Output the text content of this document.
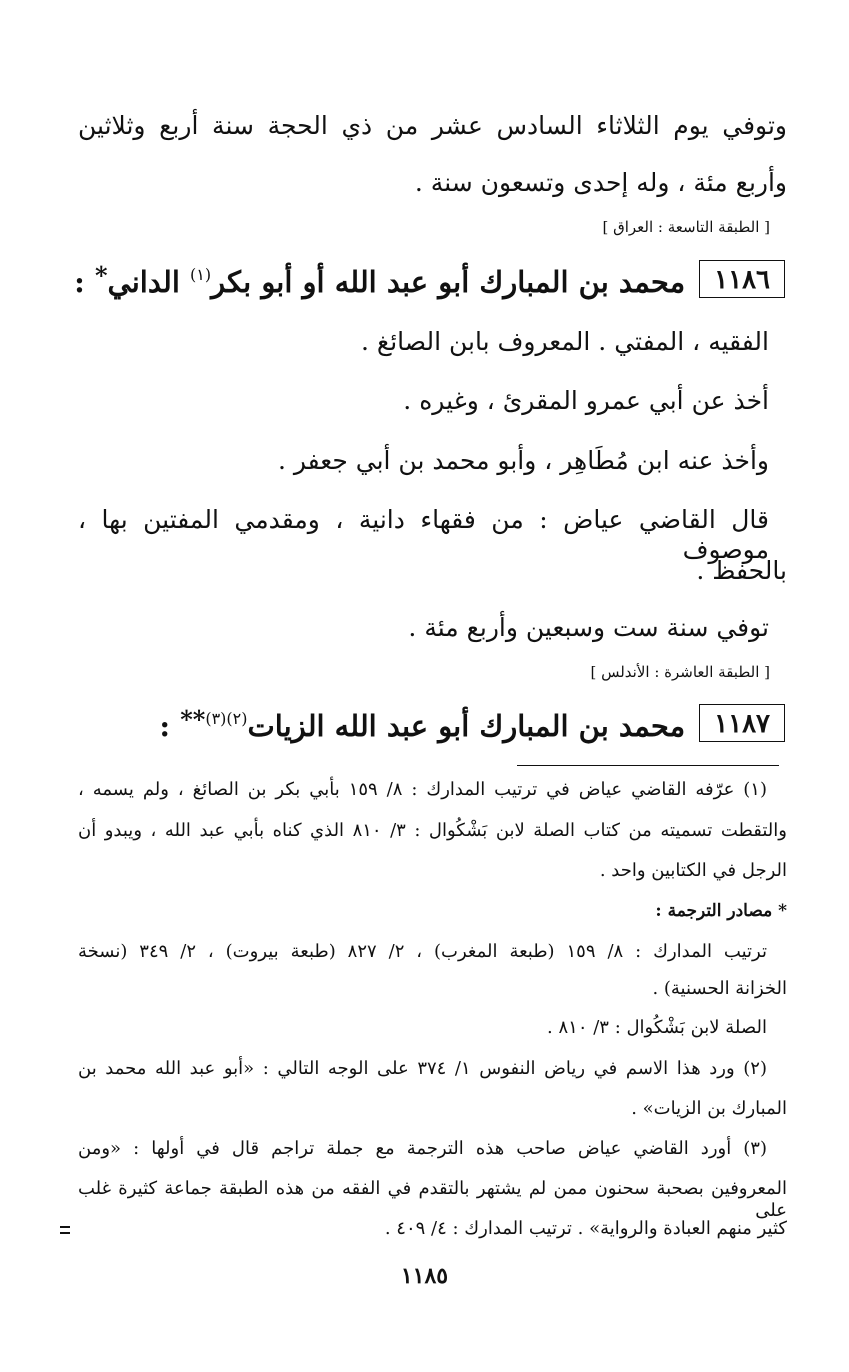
وتوفي يوم الثلاثاء السادس عشر من ذي الحجة سنة أربع وثلاثين
وأربع مئة ، وله إحدى وتسعون سنة .
[ الطبقة التاسعة : العراق ]
١١٨٦
محمد بن المبارك أبو عبد الله أو أبو بكر$^{(١)}$ الداني* :
الفقيه ، المفتي . المعروف بابن الصائغ .
أخذ عن أبي عمرو المقرئ ، وغيره .
وأخذ عنه ابن مُطَاهِر ، وأبو محمد بن أبي جعفر .
قال القاضي عياض : من فقهاء دانية ، ومقدمي المفتين بها ، موصوف
بالحفظ .
توفي سنة ست وسبعين وأربع مئة .
[ الطبقة العاشرة : الأندلس ]
١١٨٧
محمد بن المبارك أبو عبد الله الزيات$^{(٢)(٣)**}$ :
(١) عرّفه القاضي عياض في ترتيب المدارك : ٨/ ١٥٩ بأبي بكر بن الصائغ ، ولم يسمه ،
والتقطت تسميته من كتاب الصلة لابن بَشْكُوال : ٣/ ٨١٠ الذي كناه بأبي عبد الله ، ويبدو أن
الرجل في الكتابين واحد .
* مصادر الترجمة :
ترتيب المدارك : ٨/ ١٥٩ (طبعة المغرب) ، ٢/ ٨٢٧ (طبعة بيروت) ، ٢/ ٣٤٩ (نسخة
الخزانة الحسنية) .
الصلة لابن بَشْكُوال : ٣/ ٨١٠ .
(٢) ورد هذا الاسم في رياض النفوس ١/ ٣٧٤ على الوجه التالي : «أبو عبد الله محمد بن
المبارك بن الزيات» .
(٣) أورد القاضي عياض صاحب هذه الترجمة مع جملة تراجم قال في أولها : «ومن
المعروفين بصحبة سحنون ممن لم يشتهر بالتقدم في الفقه من هذه الطبقة جماعة كثيرة غلب على
كثير منهم العبادة والرواية» . ترتيب المدارك : ٤/ ٤٠٩ .
١١٨٥
